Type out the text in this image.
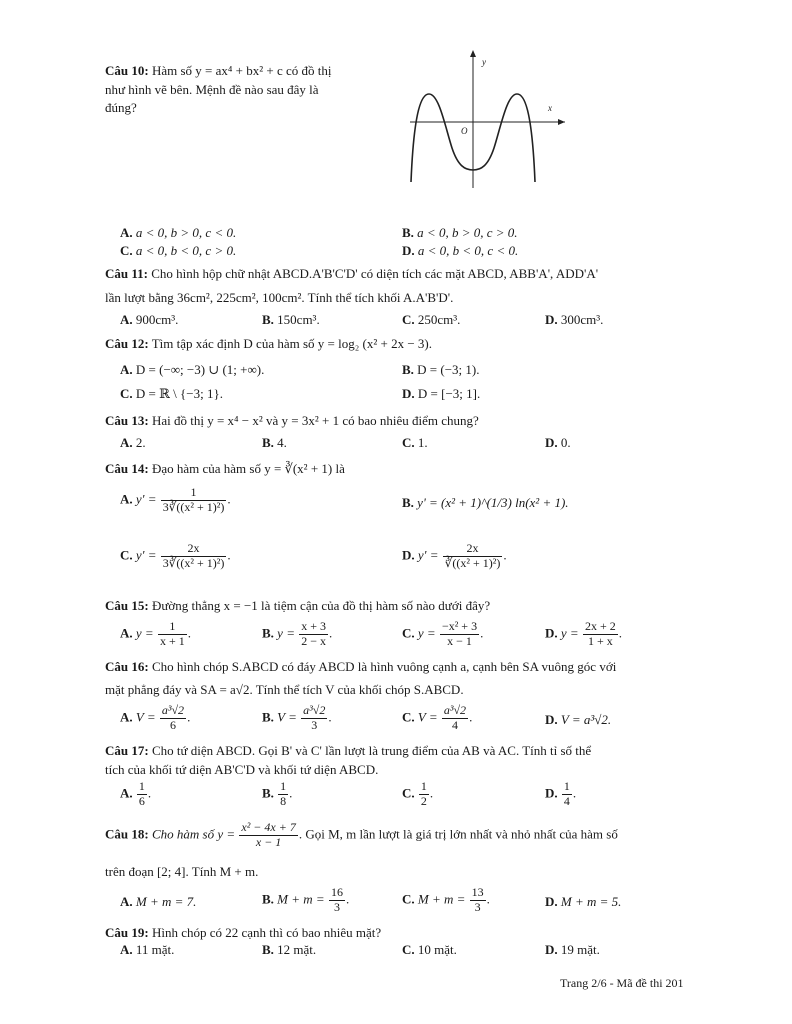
Câu 10: Hàm số y = ax⁴ + bx² + c có đồ thị
như hình vẽ bên. Mệnh đề nào sau đây là
đúng?
y
x
O
A. a < 0, b > 0, c < 0.	B. a < 0, b > 0, c > 0.
C. a < 0, b < 0, c > 0.	D. a < 0, b < 0, c < 0.
Câu 11: Cho hình hộp chữ nhật ABCD.A'B'C'D' có diện tích các mặt ABCD, ABB'A', ADD'A'
lần lượt bằng 36cm², 225cm², 100cm². Tính thể tích khối A.A'B'D'.
A. 900cm³.	B. 150cm³.	C. 250cm³.	D. 300cm³.
Câu 12: Tìm tập xác định D của hàm số y = log₂ (x² + 2x − 3).
A. D = (−∞; −3) ∪ (1; +∞).	B. D = (−3; 1).
C. D = ℝ \ {−3; 1}.	D. D = [−3; 1].
Câu 13: Hai đồ thị y = x⁴ − x² và y = 3x² + 1 có bao nhiêu điểm chung?
A. 2.	B. 4.	C. 1.	D. 0.
Câu 14: Đạo hàm của hàm số y = ∛(x² + 1) là
A. $y' = \frac{1}{\text{3∛((x² + 1)²)}}$ .	B. y' = (x² + 1)^(1/3) ln(x² + 1).
C. $y' = \frac{2x}{\text{3∛((x² + 1)²)}}$ .	D. $y' = \frac{2x}{\text{∛((x² + 1)²)}}$ .
Câu 15: Đường thẳng x = −1 là tiệm cận của đồ thị hàm số nào dưới đây?
A. $y = \frac{1}{x + 1}$ .	B. $y = \frac{x + 3}{2 - x}$ .	C. $y = \frac{\text{−x² + 3}}{x - 1}$ .	D. $y = \frac{2x + 2}{1 + x}$ .
Câu 16: Cho hình chóp S.ABCD có đáy ABCD là hình vuông cạnh a, cạnh bên SA vuông góc với
mặt phẳng đáy và SA = a√2. Tính thể tích V của khối chóp S.ABCD.
A. $V = \frac{\text{a³√2}}{6}$ .	B. $V = \frac{\text{a³√2}}{3}$ .	C. $V = \frac{\text{a³√2}}{4}$ .	D. V = a³√2.
Câu 17: Cho tứ diện ABCD. Gọi B' và C' lần lượt là trung điểm của AB và AC. Tính tỉ số thể
tích của khối tứ diện AB'C'D và khối tứ diện ABCD.
A. $\frac{1}{6}$ .	B. $\frac{1}{8}$ .	C. $\frac{1}{2}$ .	D. $\frac{1}{4}$ .
Câu 18: Cho hàm số $y = \frac{\text{x² − 4x + 7}}{x - 1}$ . Gọi M, m lần lượt là giá trị lớn nhất và nhỏ nhất của hàm số
trên đoạn [2; 4]. Tính M + m.
A. M + m = 7.	B. $M + m = \frac{16}{3}$ .	C. $M + m = \frac{13}{3}$ .	D. M + m = 5.
Câu 19: Hình chóp có 22 cạnh thì có bao nhiêu mặt?
A. 11 mặt.	B. 12 mặt.	C. 10 mặt.	D. 19 mặt.
Trang 2/6 - Mã đề thi 201
